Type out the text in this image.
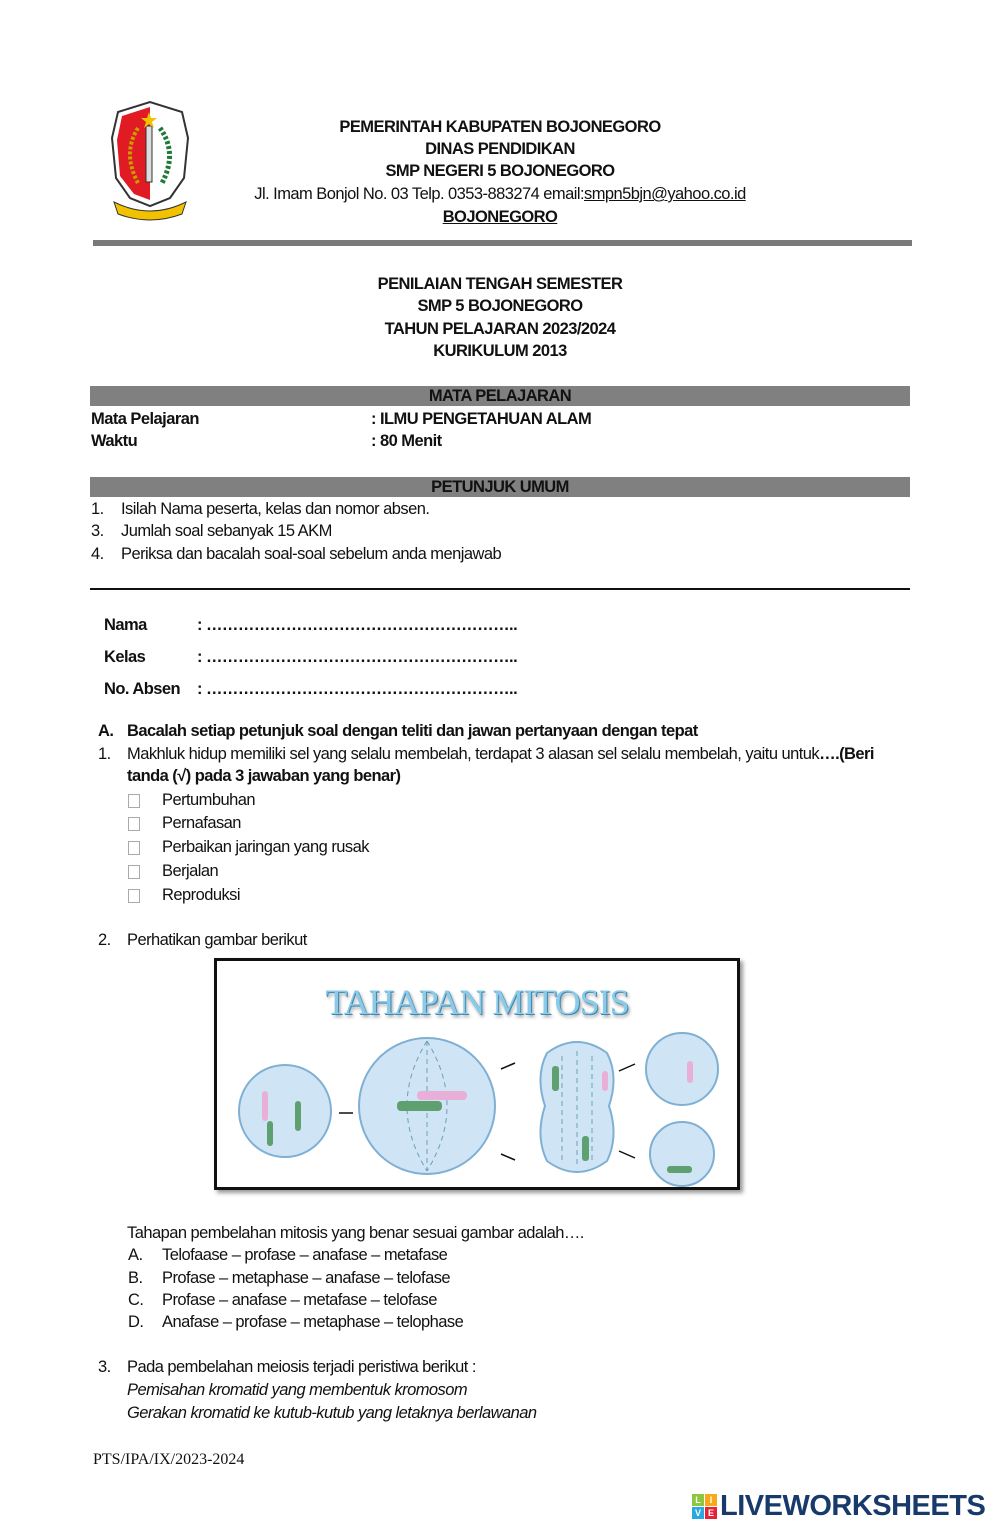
PEMERINTAH KABUPATEN BOJONEGORO
DINAS PENDIDIKAN
SMP NEGERI 5 BOJONEGORO
Jl. Imam Bonjol No. 03 Telp. 0353-883274 email:smpn5bjn@yahoo.co.id
BOJONEGORO
PENILAIAN TENGAH SEMESTER
SMP 5 BOJONEGORO
TAHUN PELAJARAN 2023/2024
KURIKULUM 2013
MATA PELAJARAN
Mata Pelajaran	: ILMU PENGETAHUAN ALAM
Waktu	: 80 Menit
PETUNJUK UMUM
1. Isilah Nama peserta, kelas dan nomor absen.
3. Jumlah soal sebanyak 15 AKM
4. Periksa dan bacalah soal-soal sebelum anda menjawab
Nama	: …………………………………………………..
Kelas	: …………………………………………………..
No. Absen : …………………………………………………..
A. Bacalah setiap petunjuk soal dengan teliti dan jawan pertanyaan dengan tepat
1. Makhluk hidup memiliki sel yang selalu membelah, terdapat 3 alasan sel selalu membelah, yaitu untuk….(Beri
tanda (√) pada 3 jawaban yang benar)
Pertumbuhan
Pernafasan
Perbaikan jaringan yang rusak
Berjalan
Reproduksi
2. Perhatikan gambar berikut
TAHAPAN MITOSIS
Tahapan pembelahan mitosis yang benar sesuai gambar adalah….
A. Telofaase – profase – anafase – metafase
B. Profase – metaphase – anafase – telofase
C. Profase – anafase – metafase – telofase
D. Anafase – profase – metaphase – telophase
3. Pada pembelahan meiosis terjadi peristiwa berikut :
Pemisahan kromatid yang membentuk kromosom
Gerakan kromatid ke kutub-kutub yang letaknya berlawanan
PTS/IPA/IX/2023-2024
L I
V E LIVEWORKSHEETS
